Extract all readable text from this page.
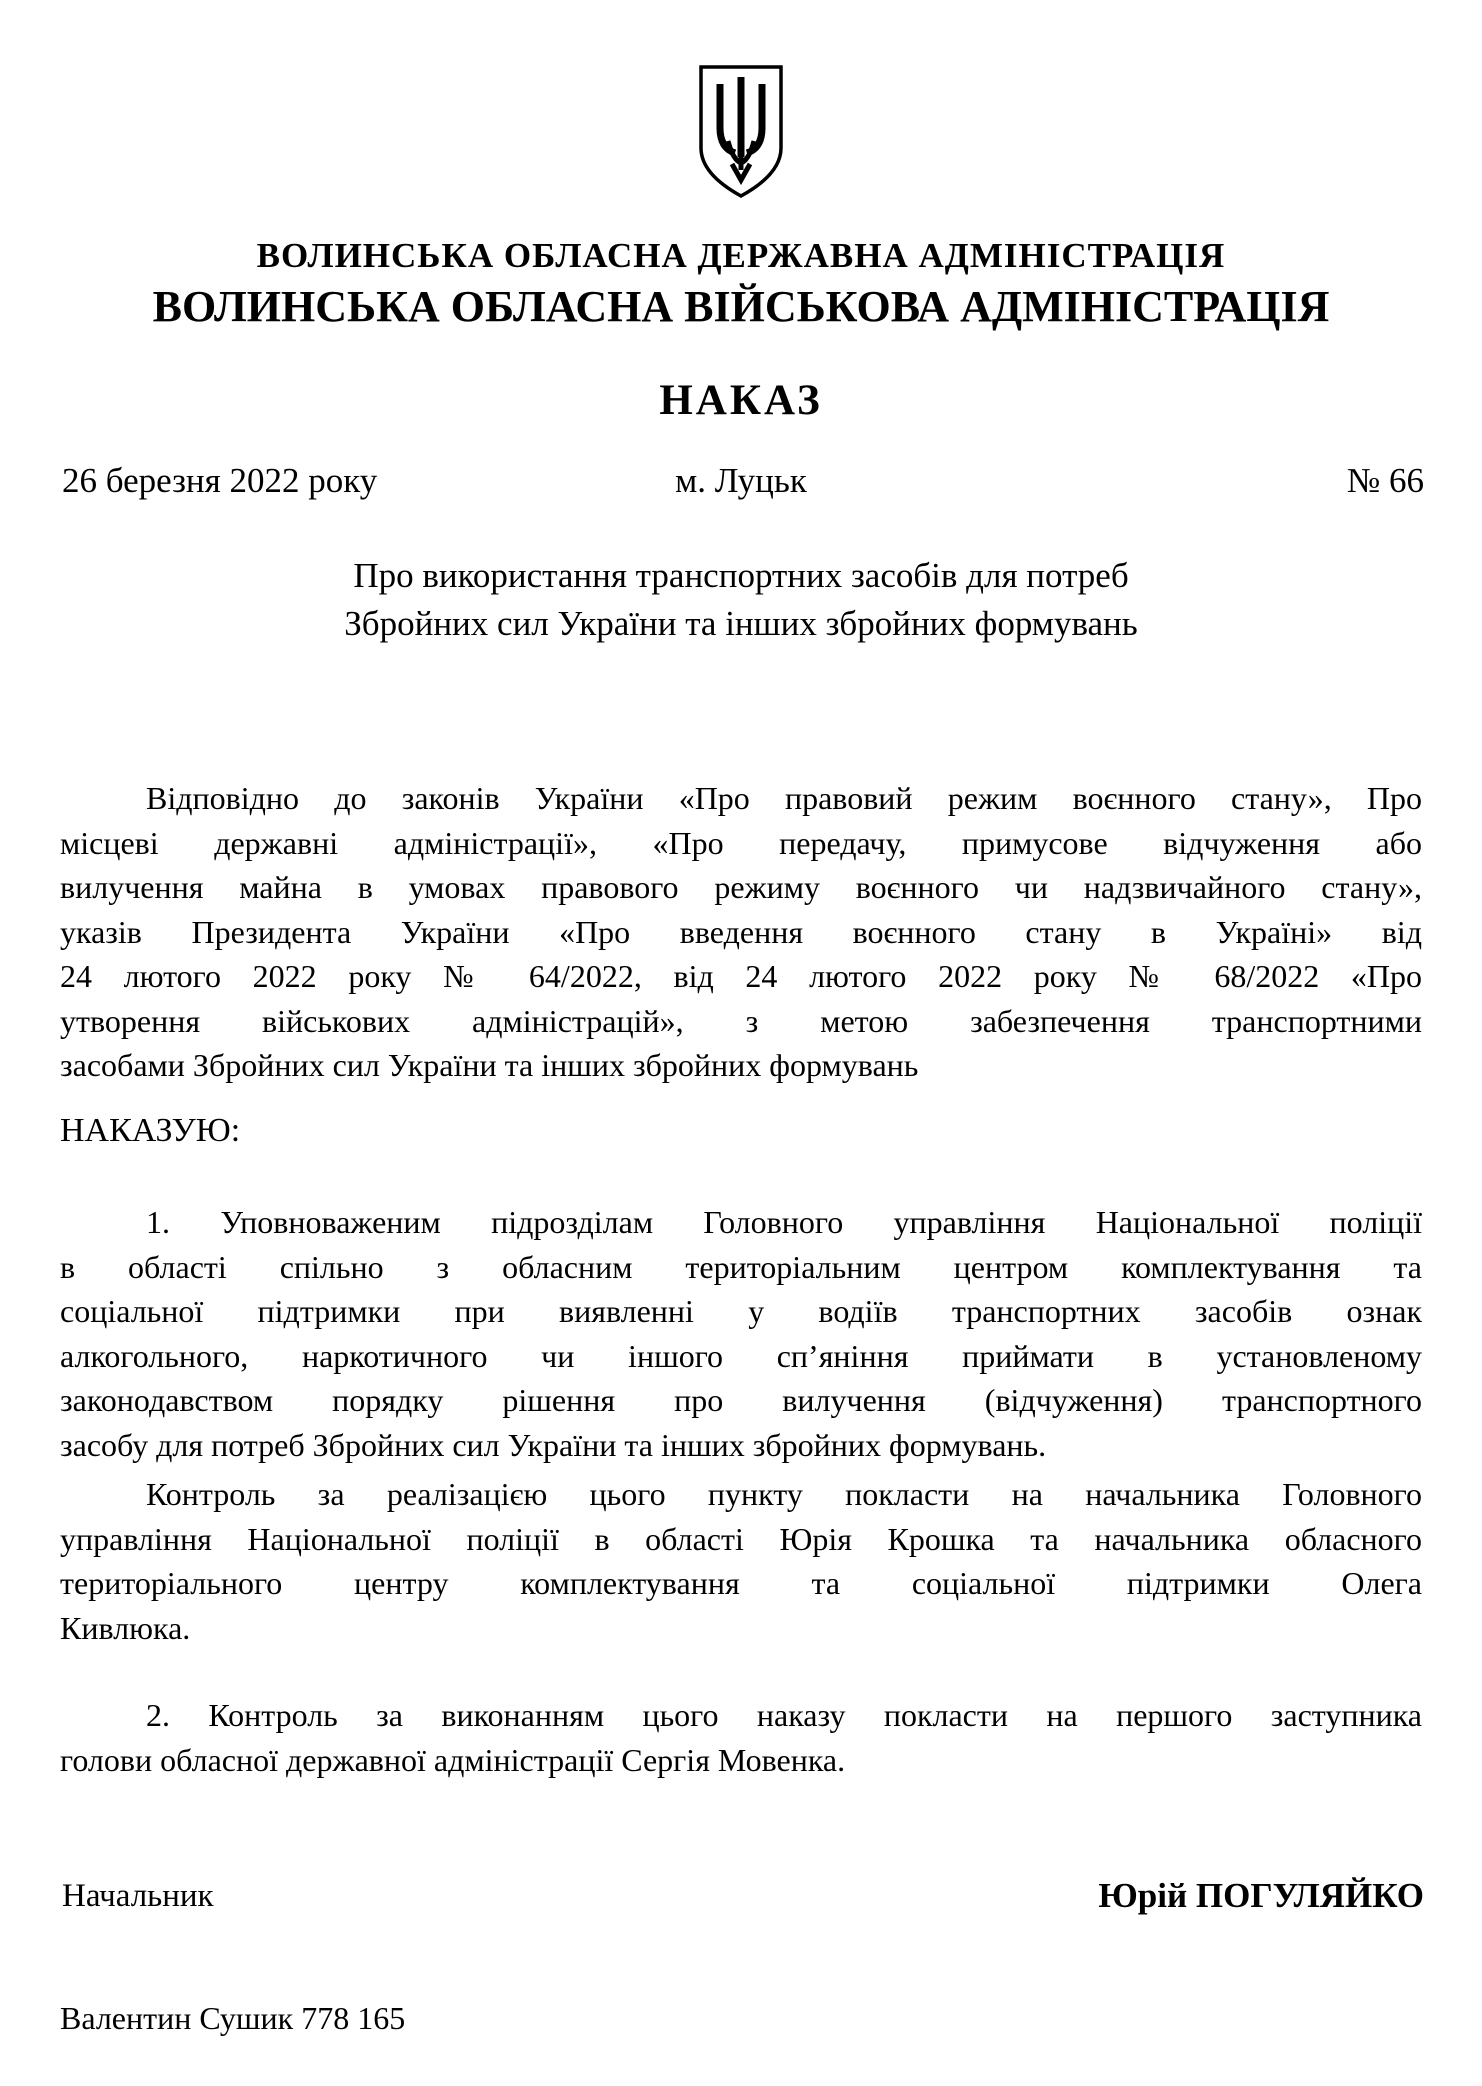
ВОЛИНСЬКА ОБЛАСНА ДЕРЖАВНА АДМІНІСТРАЦІЯ
ВОЛИНСЬКА ОБЛАСНА ВІЙСЬКОВА АДМІНІСТРАЦІЯ
НАКАЗ
26 березня 2022 року	м. Луцьк	№ 66
Про використання транспортних засобів для потреб
Збройних сил України та інших збройних формувань
Відповідно до законів України «Про правовий режим воєнного стану», Про
місцеві державні адміністрації», «Про передачу, примусове відчуження або
вилучення майна в умовах правового режиму воєнного чи надзвичайного стану»,
указів Президента України «Про введення воєнного стану в Україні» від
24 лютого 2022 року № 64/2022, від 24 лютого 2022 року № 68/2022 «Про
утворення військових адміністрацій», з метою забезпечення транспортними
засобами Збройних сил України та інших збройних формувань
НАКАЗУЮ:
1. Уповноваженим підрозділам Головного управління Національної поліції
в області спільно з обласним територіальним центром комплектування та
соціальної підтримки при виявленні у водіїв транспортних засобів ознак
алкогольного, наркотичного чи іншого сп’яніння приймати в установленому
законодавством порядку рішення про вилучення (відчуження) транспортного
засобу для потреб Збройних сил України та інших збройних формувань.
Контроль за реалізацією цього пункту покласти на начальника Головного
управління Національної поліції в області Юрія Крошка та начальника обласного
територіального центру комплектування та соціальної підтримки Олега
Кивлюка.
2. Контроль за виконанням цього наказу покласти на першого заступника
голови обласної державної адміністрації Сергія Мовенка.
Начальник	Юрій ПОГУЛЯЙКО
Валентин Сушик 778 165
